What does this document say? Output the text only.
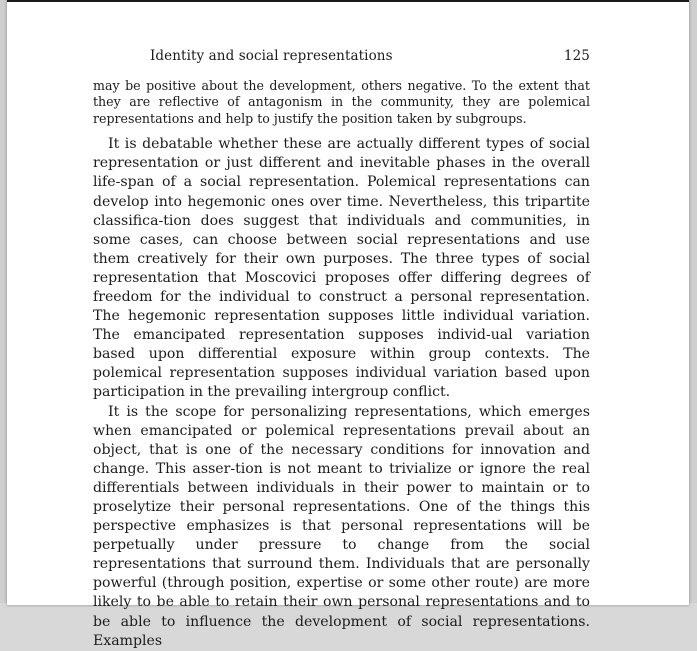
Identity and social representations	125

may be positive about the development, others negative. To the extent that they are reflective of antagonism in the community, they are polemical representations and help to justify the position taken by subgroups.

It is debatable whether these are actually different types of social representation or just different and inevitable phases in the overall life-span of a social representation. Polemical representations can develop into hegemonic ones over time. Nevertheless, this tripartite classifica-tion does suggest that individuals and communities, in some cases, can choose between social representations and use them creatively for their own purposes. The three types of social representation that Moscovici proposes offer differing degrees of freedom for the individual to construct a personal representation. The hegemonic representation supposes little individual variation. The emancipated representation supposes individ-ual variation based upon differential exposure within group contexts. The polemical representation supposes individual variation based upon participation in the prevailing intergroup conflict.

It is the scope for personalizing representations, which emerges when emancipated or polemical representations prevail about an object, that is one of the necessary conditions for innovation and change. This asser-tion is not meant to trivialize or ignore the real differentials between individuals in their power to maintain or to proselytize their personal representations. One of the things this perspective emphasizes is that personal representations will be perpetually under pressure to change from the social representations that surround them. Individuals that are personally powerful (through position, expertise or some other route) are more likely to be able to retain their own personal representations and to be able to influence the development of social representations. Examples
